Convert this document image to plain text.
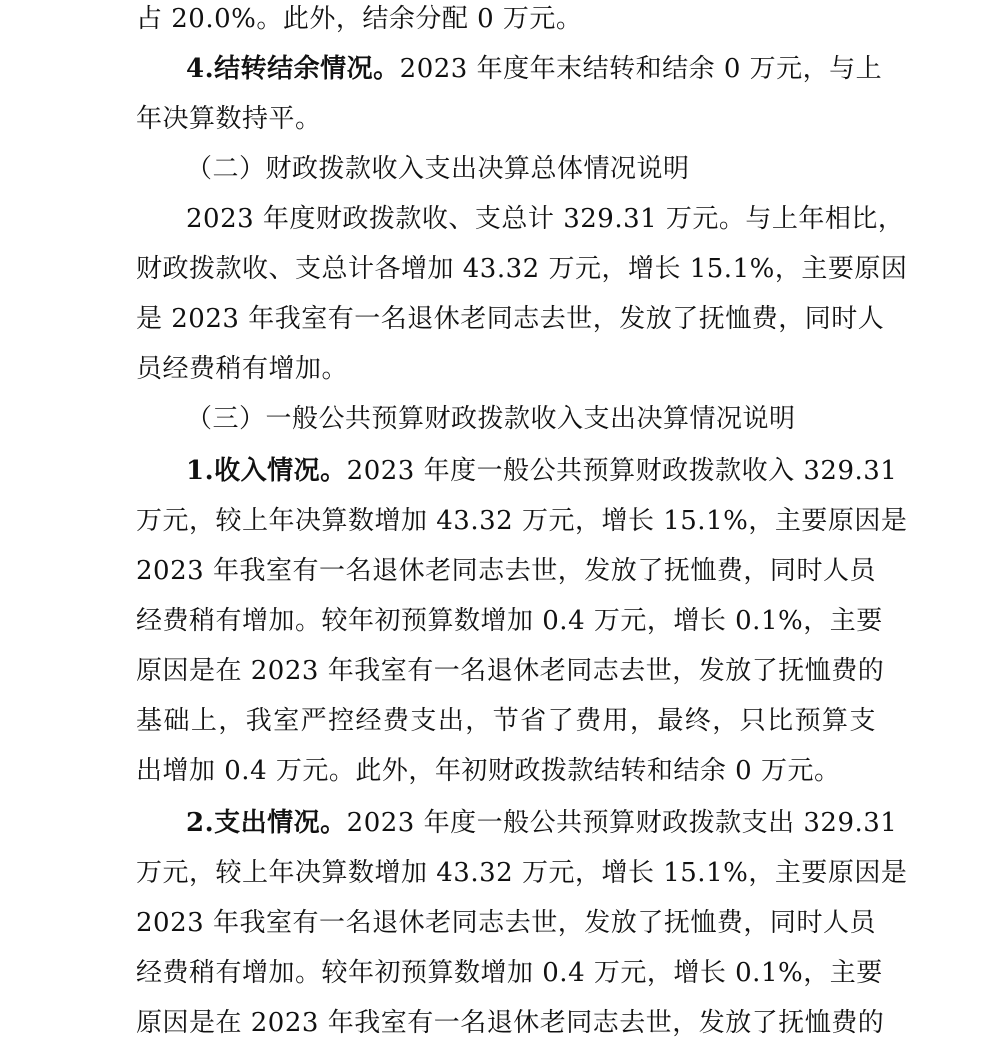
占 20.0%。此外，结余分配 0 万元。
4.结转结余情况。2023 年度年末结转和结余 0 万元，与上
年决算数持平。
（二）财政拨款收入支出决算总体情况说明
2023 年度财政拨款收、支总计 329.31 万元。与上年相比，
财政拨款收、支总计各增加 43.32 万元，增长 15.1%，主要原因
是 2023 年我室有一名退休老同志去世，发放了抚恤费，同时人
员经费稍有增加。
（三）一般公共预算财政拨款收入支出决算情况说明
1.收入情况。2023 年度一般公共预算财政拨款收入 329.31
万元，较上年决算数增加 43.32 万元，增长 15.1%，主要原因是
2023 年我室有一名退休老同志去世，发放了抚恤费，同时人员
经费稍有增加。较年初预算数增加 0.4 万元，增长 0.1%，主要
原因是在 2023 年我室有一名退休老同志去世，发放了抚恤费的
基础上，我室严控经费支出，节省了费用，最终，只比预算支
出增加 0.4 万元。此外，年初财政拨款结转和结余 0 万元。
2.支出情况。2023 年度一般公共预算财政拨款支出 329.31
万元，较上年决算数增加 43.32 万元，增长 15.1%，主要原因是
2023 年我室有一名退休老同志去世，发放了抚恤费，同时人员
经费稍有增加。较年初预算数增加 0.4 万元，增长 0.1%，主要
原因是在 2023 年我室有一名退休老同志去世，发放了抚恤费的
